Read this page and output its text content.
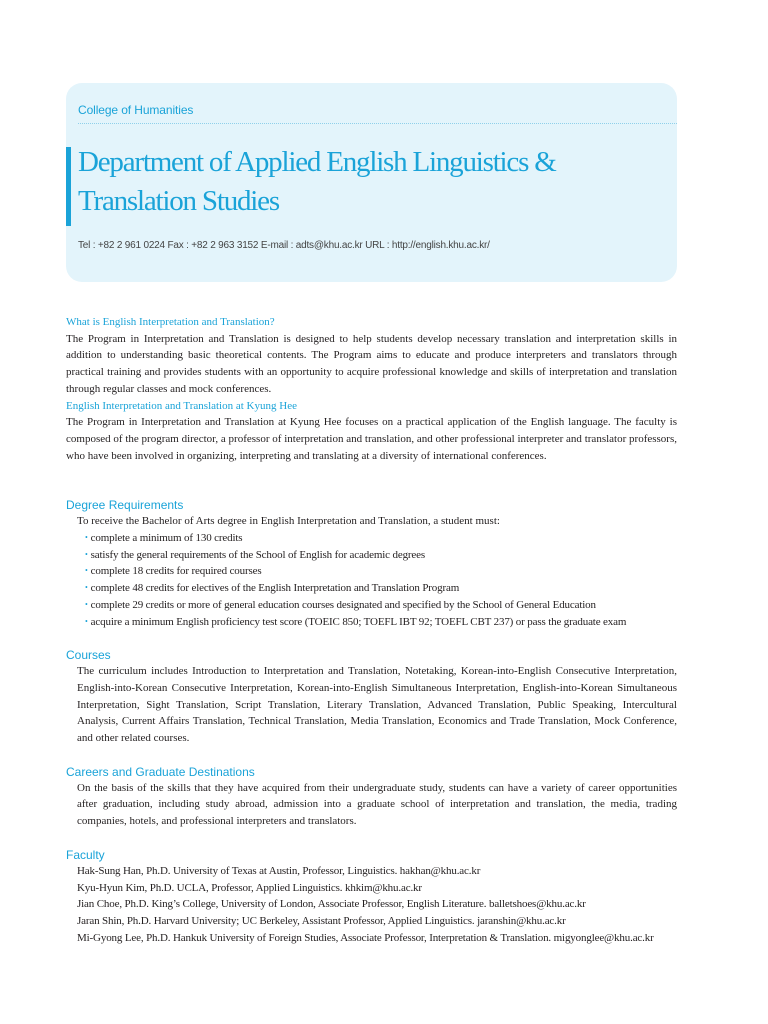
College of Humanities
Department of Applied English Linguistics & Translation Studies
Tel : +82 2 961 0224 Fax : +82 2 963 3152 E-mail : adts@khu.ac.kr URL : http://english.khu.ac.kr/

What is English Interpretation and Translation?

The Program in Interpretation and Translation is designed to help students develop necessary translation and interpretation skills in addition to understanding basic theoretical contents. The Program aims to educate and produce interpreters and translators through practical training and provides students with an opportunity to acquire professional knowledge and skills of interpretation and translation through regular classes and mock conferences.

English Interpretation and Translation at Kyung Hee

The Program in Interpretation and Translation at Kyung Hee focuses on a practical application of the English language. The faculty is composed of the program director, a professor of interpretation and translation, and other professional interpreter and translator professors, who have been involved in organizing, interpreting and translating at a diversity of international conferences.

Degree Requirements

To receive the Bachelor of Arts degree in English Interpretation and Translation, a student must:

• complete a minimum of 130 credits
• satisfy the general requirements of the School of English for academic degrees
• complete 18 credits for required courses
• complete 48 credits for electives of the English Interpretation and Translation Program
• complete 29 credits or more of general education courses designated and specified by the School of General Education
• acquire a minimum English proficiency test score (TOEIC 850; TOEFL IBT 92; TOEFL CBT 237) or pass the graduate exam

Courses

The curriculum includes Introduction to Interpretation and Translation, Notetaking, Korean-into-English Consecutive Interpretation, English-into-Korean Consecutive Interpretation, Korean-into-English Simultaneous Interpretation, English-into-Korean Simultaneous Interpretation, Sight Translation, Script Translation, Literary Translation, Advanced Translation, Public Speaking, Intercultural Analysis, Current Affairs Translation, Technical Translation, Media Translation, Economics and Trade Translation, Mock Conference, and other related courses.

Careers and Graduate Destinations

On the basis of the skills that they have acquired from their undergraduate study, students can have a variety of career opportunities after graduation, including study abroad, admission into a graduate school of interpretation and translation, the media, trading companies, hotels, and professional interpreters and translators.

Faculty

Hak-Sung Han, Ph.D. University of Texas at Austin, Professor, Linguistics. hakhan@khu.ac.kr
Kyu-Hyun Kim, Ph.D. UCLA, Professor, Applied Linguistics. khkim@khu.ac.kr
Jian Choe, Ph.D. King’s College, University of London, Associate Professor, English Literature. balletshoes@khu.ac.kr
Jaran Shin, Ph.D. Harvard University; UC Berkeley, Assistant Professor, Applied Linguistics. jaranshin@khu.ac.kr
Mi-Gyong Lee, Ph.D. Hankuk University of Foreign Studies, Associate Professor, Interpretation & Translation. migyonglee@khu.ac.kr
